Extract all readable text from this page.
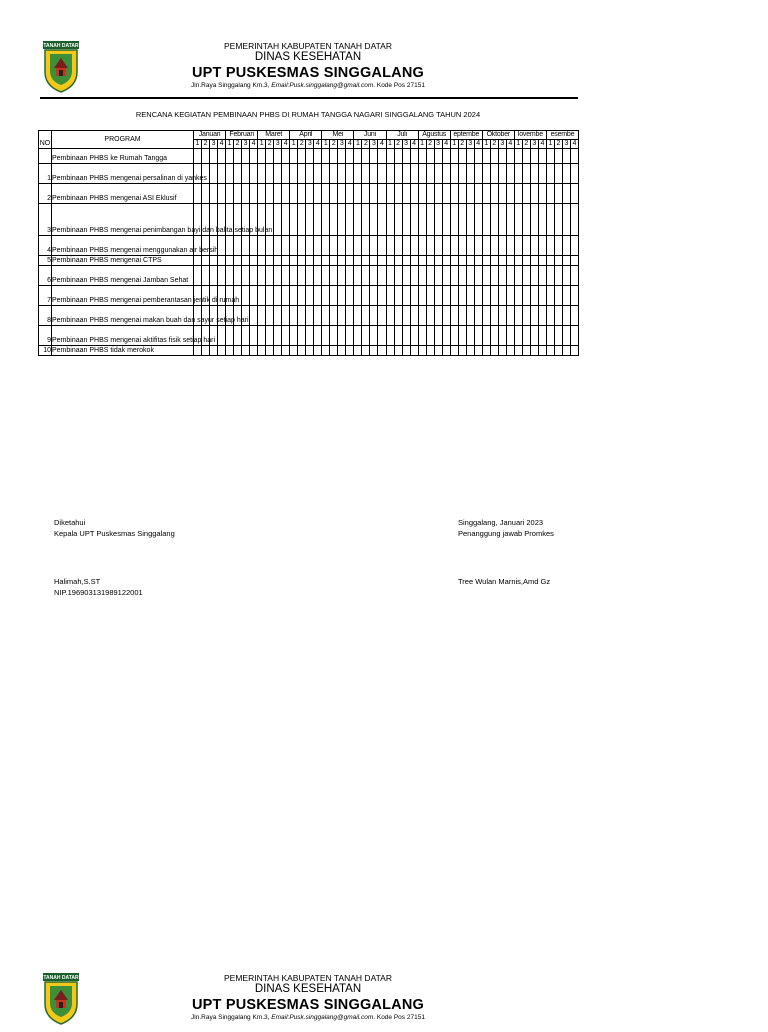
TANAH DATAR	PEMERINTAH KABUPATEN TANAH DATAR
DINAS KESEHATAN
UPT PUSKESMAS SINGGALANG
Jln.Raya Singgalang Km.3, Email:Pusk.singgalang@gmail.com. Kode Pos 27151
RENCANA KEGIATAN PEMBINAAN PHBS DI RUMAH TANGGA NAGARI SINGGALANG TAHUN 2024
NO	PROGRAM	Januari				Februari				Maret				April				Mei				Juni				Juli				Agustus				eptembe				Oktober				lovembe				esembe			
		1	2	3	4	1	2	3	4	1	2	3	4	1	2	3	4	1	2	3	4	1	2	3	4	1	2	3	4	1	2	3	4	1	2	3	4	1	2	3	4	1	2	3	4	1	2	3	4
	Pembinaan PHBS ke Rumah Tangga																																																
1	Pembinaan PHBS mengenai persalinan di yankes																																																
2	Pembinaan PHBS mengenai ASI Eklusif																																																
3	Pembinaan PHBS mengenai penimbangan bayi dan balita setiap bulan																																																
4	Pembinaan PHBS mengenai menggunakan air bersih																																																
5	Pembinaan PHBS mengenai CTPS																																																
6	Pembinaan PHBS mengenai Jamban Sehat																																																
7	Pembinaan PHBS mengenai pemberantasan jentik di rumah																																																
8	Pembinaan PHBS mengenai makan buah dan sayur setiap hari																																																
9	Pembinaan PHBS mengenai aktifitas fisik setiap hari																																																
10	Pembinaan PHBS tidak merokok																																																
Diketahui
Kepala UPT Puskesmas Singgalang
Halimah,S.ST
NIP.196903131989122001
Singgalang, Januari 2023
Penanggung jawab Promkes
Tree Wulan Marnis,Amd Gz
TANAH DATAR	PEMERINTAH KABUPATEN TANAH DATAR
DINAS KESEHATAN
UPT PUSKESMAS SINGGALANG
Jln.Raya Singgalang Km.3, Email:Pusk.singgalang@gmail.com. Kode Pos 27151
